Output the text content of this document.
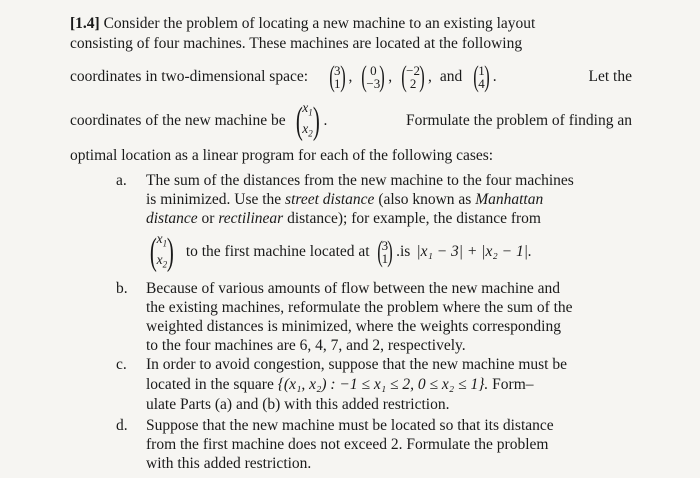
[1.4] Consider the problem of locating a new machine to an existing layout
consisting of four machines. These machines are located at the following
coordinates in two-dimensional space: ( 3
1 ) , ( 0
−3 ) , ( −2
2 ) , and ( 1
4 ) .	Let the
coordinates of the new machine be ( $x_1$
$x_2$ ) .	Formulate the problem of finding an
optimal location as a linear program for each of the following cases:
a. The sum of the distances from the new machine to the four machines
is minimized. Use the street distance (also known as Manhattan
distance or rectilinear distance); for example, the distance from
( $x_1$
$x_2$ ) to the first machine located at ( 3
1 ) .is |x₁ − 3| + |x₂ − 1|.
b. Because of various amounts of flow between the new machine and
the existing machines, reformulate the problem where the sum of the
weighted distances is minimized, where the weights corresponding
to the four machines are 6, 4, 7, and 2, respectively.
c. In order to avoid congestion, suppose that the new machine must be
located in the square {(x₁, x₂) : −1 ≤ x₁ ≤ 2, 0 ≤ x₂ ≤ 1}. Form–
ulate Parts (a) and (b) with this added restriction.
d. Suppose that the new machine must be located so that its distance
from the first machine does not exceed 2. Formulate the problem
with this added restriction.
